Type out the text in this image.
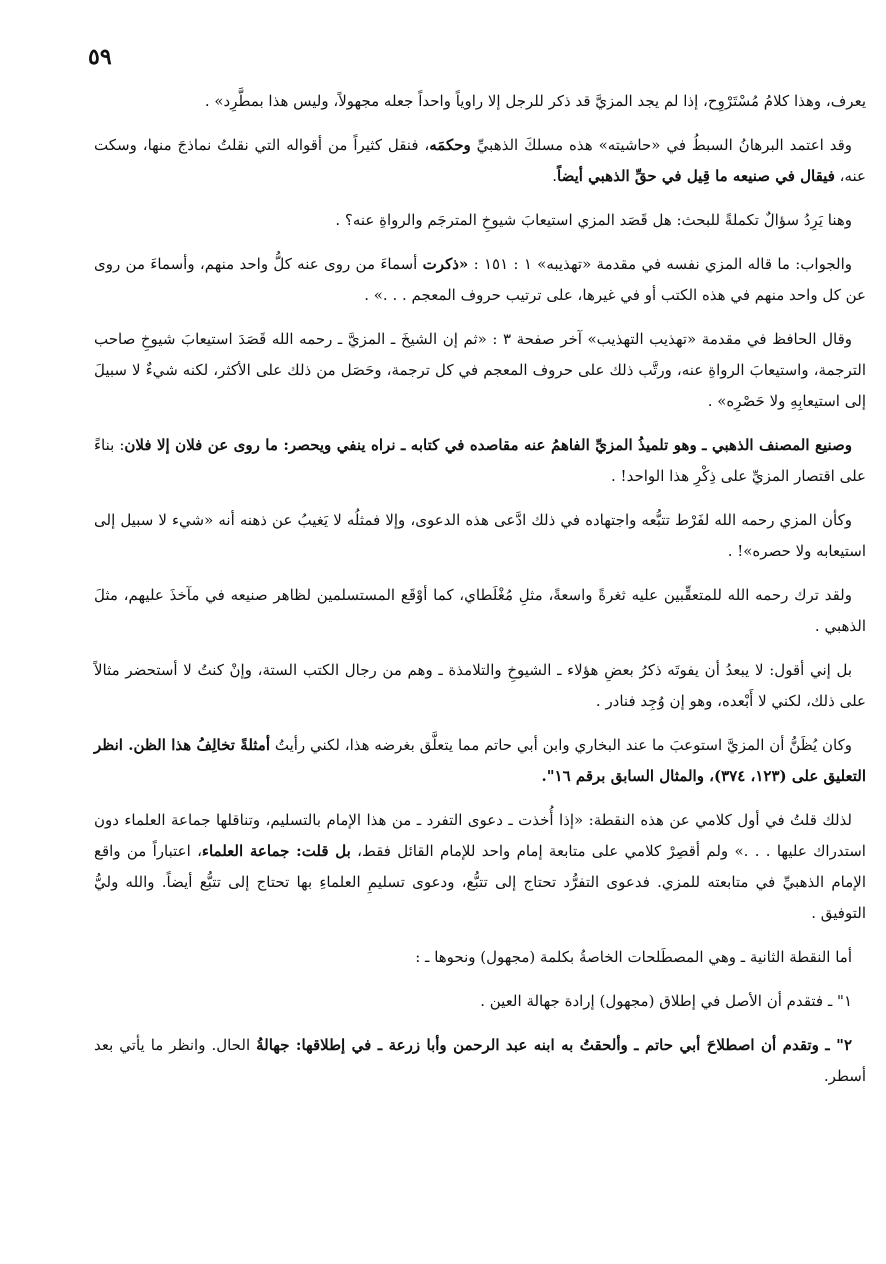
٥٩

يعرف، وهذا كلامُ مُسْتَرْوِح، إذا لم يجد المزيَّ قد ذكر للرجل إلا راوياً واحداً جعله مجهولاً، وليس هذا بمطَّرِد» .

وقد اعتمد البرهانُ السبطُ في «حاشيته» هذه مسلكَ الذهبيِّ وحكمَه، فنقل كثيراً من أقواله التي نقلتُ نماذجَ منها، وسكت عنه، فيقال في صنيعه ما قِيل في حقِّ الذهبي أيضاً.

وهنا يَرِدُ سؤالٌ تكملةً للبحث: هل قَصَد المزي استيعابَ شيوخِ المترجَم والرواةِ عنه؟ .

والجواب: ما قاله المزي نفسه في مقدمة «تهذيبه» ١ : ١٥١ : «ذكرت أسماءَ من روى عنه كلُّ واحد منهم، وأسماءَ من روى عن كل واحد منهم في هذه الكتب أو في غيرها، على ترتيب حروف المعجم . . .» .

وقال الحافظ في مقدمة «تهذيب التهذيب» آخر صفحة ٣ : «ثم إن الشيخَ ـ المزيَّ ـ رحمه الله قَصَدَ استيعابَ شيوخِ صاحب الترجمة، واستيعابَ الرواةِ عنه، ورتَّب ذلك على حروف المعجم في كل ترجمة، وحَصَل من ذلك على الأكثر، لكنه شيءٌ لا سبيلَ إلى استيعابِهِ ولا حَصْرِه» .

وصنيع المصنف الذهبي ـ وهو تلميذُ المزيِّ الفاهمُ عنه مقاصده في كتابه ـ نراه ينفي ويحصر: ما روى عن فلان إلا فلان: بناءً على اقتصار المزيِّ على ذِكْرِ هذا الواحد! .

وكأن المزي رحمه الله لفَرْط تتبُّعه واجتهاده في ذلك ادَّعى هذه الدعوى، وإلا فمثلُه لا يَغيبُ عن ذهنه أنه «شيء لا سبيل إلى استيعابه ولا حصره»! .

ولقد ترك رحمه الله للمتعقِّبين عليه ثغرةً واسعةً، مثلِ مُغْلَطاي، كما أوْقَع المستسلمين لظاهر صنيعه في مآخذَ عليهم، مثلَ الذهبي .

بل إني أقول: لا يبعدُ أن يفوتَه ذكرُ بعضِ هؤلاء ـ الشيوخِ والتلامذة ـ وهم من رجال الكتب الستة، وإنْ كنتُ لا أستحضر مثالاً على ذلك، لكني لا أَبْعده، وهو إن وُجِد فنادر .

وكان يُظَنُّ أن المزيَّ استوعبَ ما عند البخاري وابن أبي حاتم مما يتعلَّق بغرضه هذا، لكني رأيتُ أمثلةً تخالِفُ هذا الظن. انظر التعليق على (١٢٣، ٣٧٤)، والمثال السابق برقم ١٦".

لذلك قلتُ في أول كلامي عن هذه النقطة: «إذا أُخذت ـ دعوى التفرد ـ من هذا الإمام بالتسليم، وتناقلها جماعة العلماء دون استدراك عليها . . .» ولم أقصِرْ كلامي على متابعة إمام واحد للإمام القائل فقط، بل قلت: جماعة العلماء، اعتباراً من واقع الإمام الذهبيِّ في متابعته للمزي. فدعوى التفرُّد تحتاج إلى تتبُّع، ودعوى تسليمِ العلماءِ بها تحتاج إلى تتبُّع أيضاً. والله وليُّ التوفيق .

أما النقطة الثانية ـ وهي المصطَلحات الخاصةُ بكلمة (مجهول) ونحوها ـ :

١" ـ فتقدم أن الأصل في إطلاق (مجهول) إرادة جهالة العين .

٢" ـ وتقدم أن اصطلاحَ أبي حاتم ـ وألحقتُ به ابنه عبد الرحمن وأبا زرعة ـ في إطلاقها: جهالةُ الحال. وانظر ما يأتي بعد أسطر.
